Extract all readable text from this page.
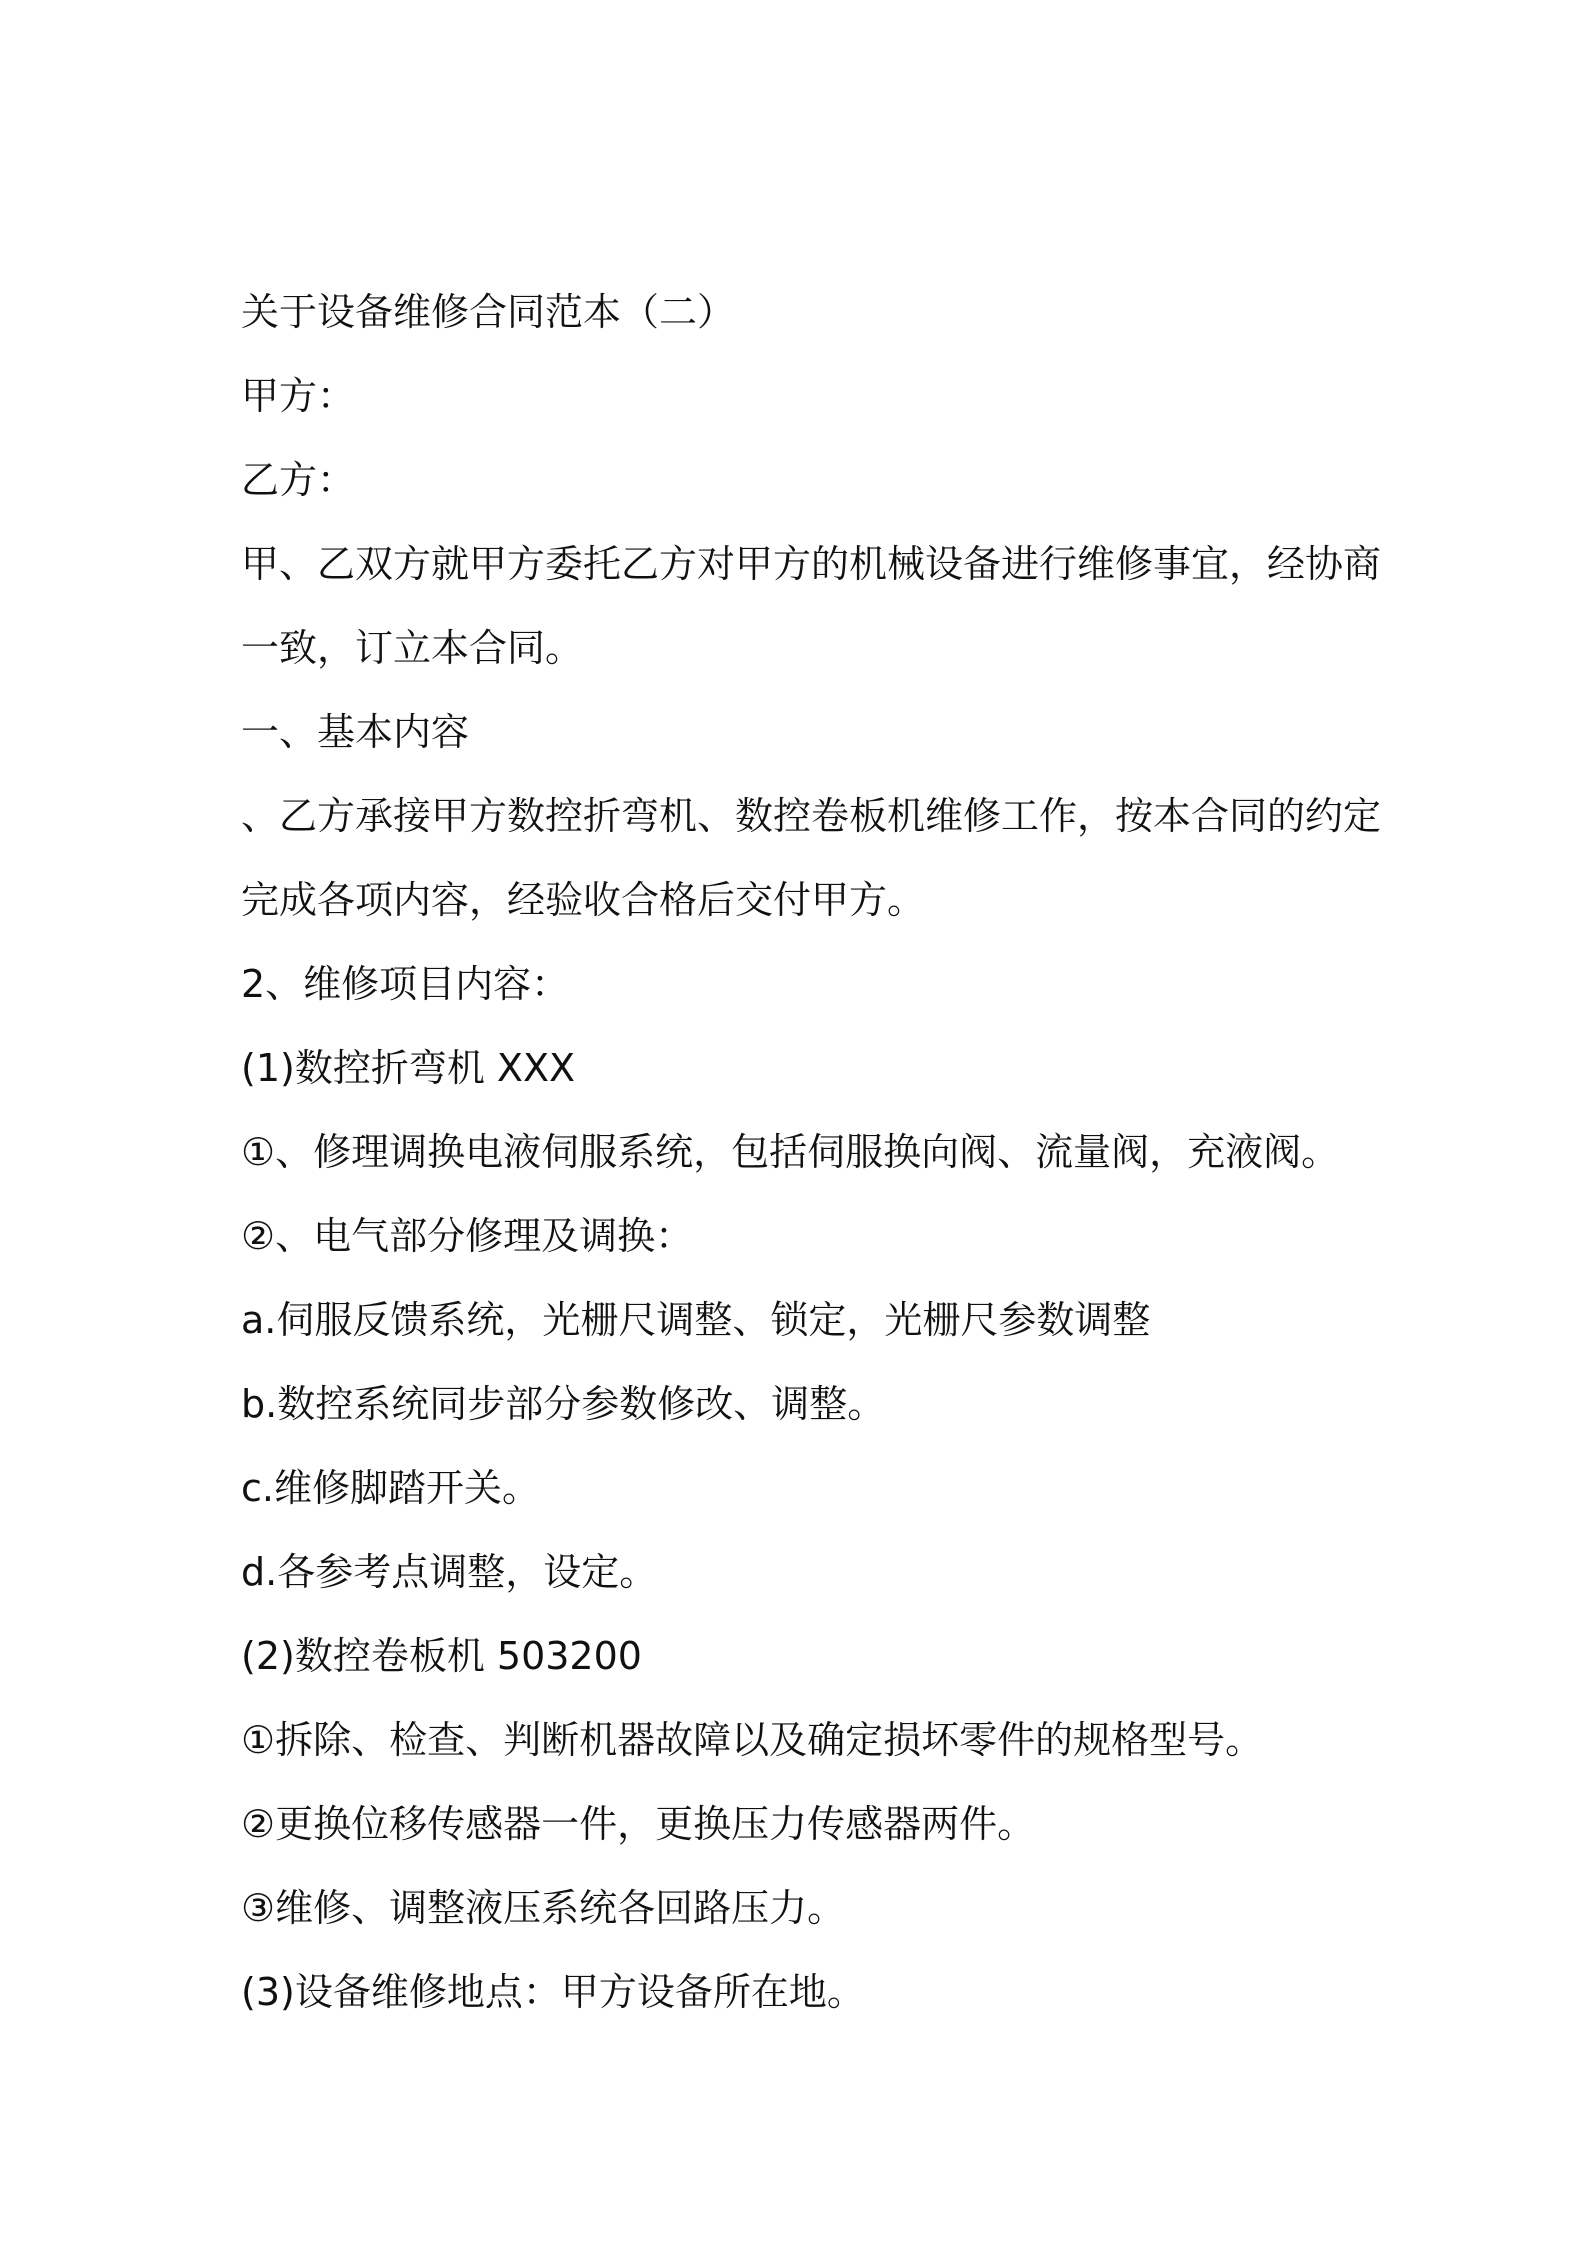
关于设备维修合同范本（二）
甲方：
乙方：
甲、乙双方就甲方委托乙方对甲方的机械设备进行维修事宜，经协商
一致，订立本合同。
一、基本内容
、乙方承接甲方数控折弯机、数控卷板机维修工作，按本合同的约定
完成各项内容，经验收合格后交付甲方。
2、维修项目内容：
(1)数控折弯机 XXX
①、修理调换电液伺服系统，包括伺服换向阀、流量阀，充液阀。
②、电气部分修理及调换：
a.伺服反馈系统，光栅尺调整、锁定，光栅尺参数调整
b.数控系统同步部分参数修改、调整。
c.维修脚踏开关。
d.各参考点调整，设定。
(2)数控卷板机 503200
①拆除、检查、判断机器故障以及确定损坏零件的规格型号。
②更换位移传感器一件，更换压力传感器两件。
③维修、调整液压系统各回路压力。
(3)设备维修地点：甲方设备所在地。
